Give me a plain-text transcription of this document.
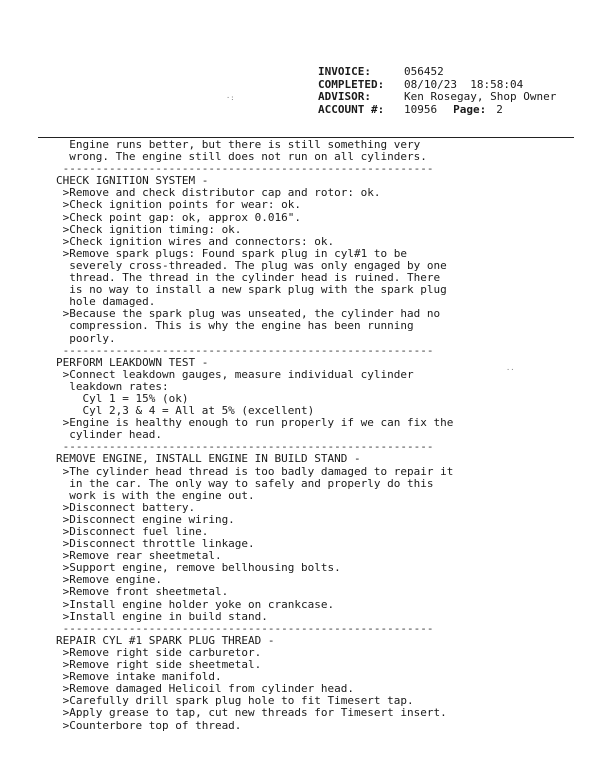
INVOICE:	056452
COMPLETED:	08/10/23  18:58:04
ADVISOR:	Ken Rosegay, Shop Owner
ACCOUNT #:	10956 Page: 2
·:
··
Engine runs better, but there is still something very
wrong. The engine still does not run on all cylinders.
--------------------------------------------------------
CHECK IGNITION SYSTEM -
>Remove and check distributor cap and rotor: ok.
>Check ignition points for wear: ok.
>Check point gap: ok, approx 0.016".
>Check ignition timing: ok.
>Check ignition wires and connectors: ok.
>Remove spark plugs: Found spark plug in cyl#1 to be
severely cross-threaded. The plug was only engaged by one
thread. The thread in the cylinder head is ruined. There
is no way to install a new spark plug with the spark plug
hole damaged.
>Because the spark plug was unseated, the cylinder had no
compression. This is why the engine has been running
poorly.
--------------------------------------------------------
PERFORM LEAKDOWN TEST -
>Connect leakdown gauges, measure individual cylinder
leakdown rates:
Cyl 1 = 15% (ok)
Cyl 2,3 & 4 = All at 5% (excellent)
>Engine is healthy enough to run properly if we can fix the
cylinder head.
--------------------------------------------------------
REMOVE ENGINE, INSTALL ENGINE IN BUILD STAND -
>The cylinder head thread is too badly damaged to repair it
in the car. The only way to safely and properly do this
work is with the engine out.
>Disconnect battery.
>Disconnect engine wiring.
>Disconnect fuel line.
>Disconnect throttle linkage.
>Remove rear sheetmetal.
>Support engine, remove bellhousing bolts.
>Remove engine.
>Remove front sheetmetal.
>Install engine holder yoke on crankcase.
>Install engine in build stand.
--------------------------------------------------------
REPAIR CYL #1 SPARK PLUG THREAD -
>Remove right side carburetor.
>Remove right side sheetmetal.
>Remove intake manifold.
>Remove damaged Helicoil from cylinder head.
>Carefully drill spark plug hole to fit Timesert tap.
>Apply grease to tap, cut new threads for Timesert insert.
>Counterbore top of thread.
